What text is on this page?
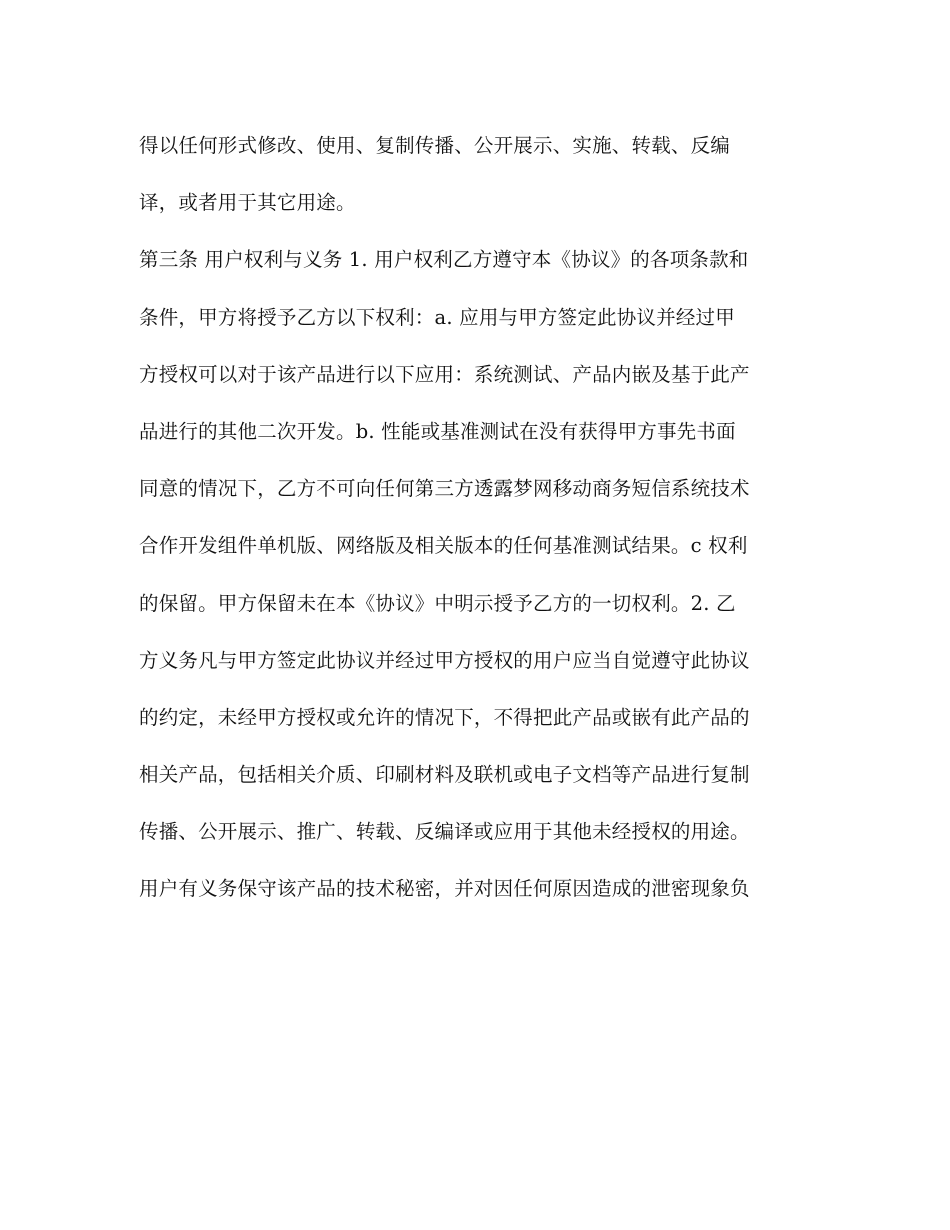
得以任何形式修改、使用、复制传播、公开展示、实施、转载、反编
译，或者用于其它用途。
第三条 用户权利与义务 1. 用户权利乙方遵守本《协议》的各项条款和
条件，甲方将授予乙方以下权利：a. 应用与甲方签定此协议并经过甲
方授权可以对于该产品进行以下应用：系统测试、产品内嵌及基于此产
品进行的其他二次开发。b. 性能或基准测试在没有获得甲方事先书面
同意的情况下，乙方不可向任何第三方透露梦网移动商务短信系统技术
合作开发组件单机版、网络版及相关版本的任何基准测试结果。c 权利
的保留。甲方保留未在本《协议》中明示授予乙方的一切权利。2. 乙
方义务凡与甲方签定此协议并经过甲方授权的用户应当自觉遵守此协议
的约定，未经甲方授权或允许的情况下，不得把此产品或嵌有此产品的
相关产品，包括相关介质、印刷材料及联机或电子文档等产品进行复制
传播、公开展示、推广、转载、反编译或应用于其他未经授权的用途。
用户有义务保守该产品的技术秘密，并对因任何原因造成的泄密现象负
